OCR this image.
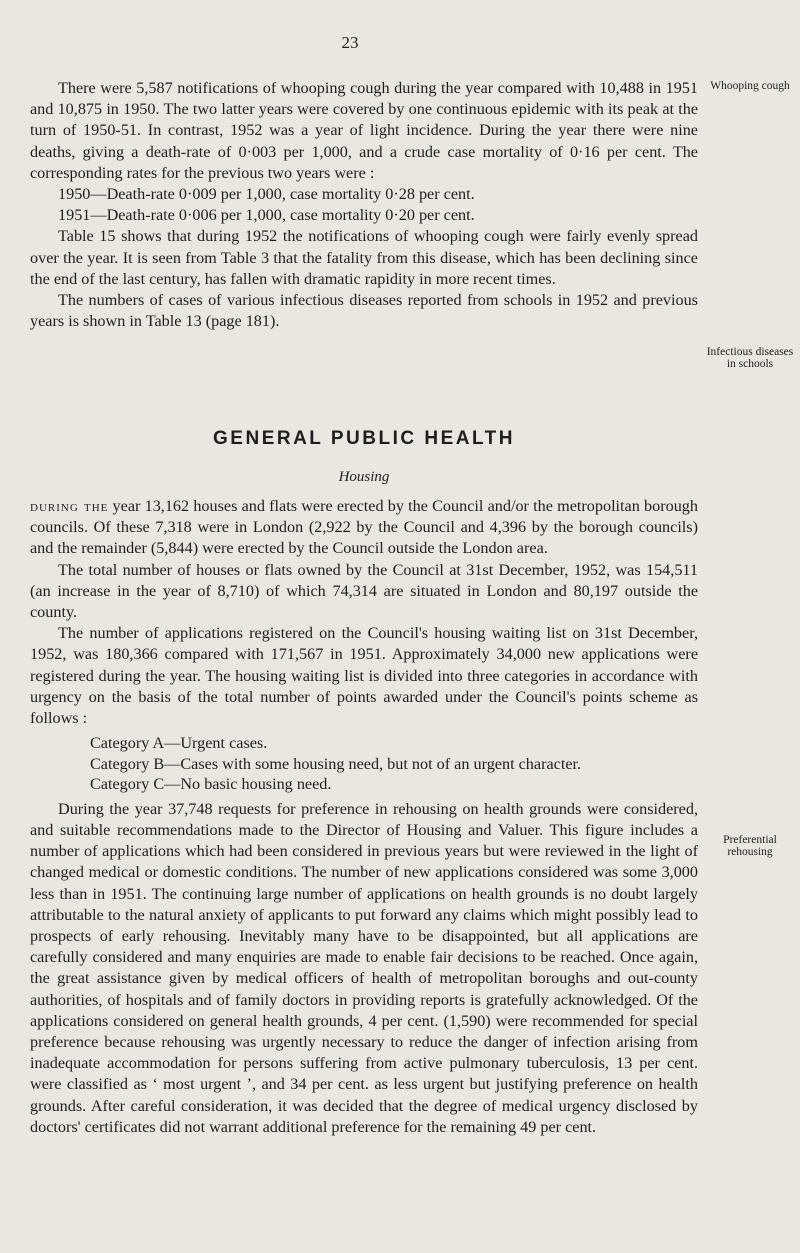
23

There were 5,587 notifications of whooping cough during the year compared with 10,488 in 1951 and 10,875 in 1950. The two latter years were covered by one continuous epidemic with its peak at the turn of 1950-51. In contrast, 1952 was a year of light incidence. During the year there were nine deaths, giving a death-rate of 0·003 per 1,000, and a crude case mortality of 0·16 per cent. The corresponding rates for the previous two years were :

1950—Death-rate 0·009 per 1,000, case mortality 0·28 per cent.
1951—Death-rate 0·006 per 1,000, case mortality 0·20 per cent.

Table 15 shows that during 1952 the notifications of whooping cough were fairly evenly spread over the year. It is seen from Table 3 that the fatality from this disease, which has been declining since the end of the last century, has fallen with dramatic rapidity in more recent times.

The numbers of cases of various infectious diseases reported from schools in 1952 and previous years is shown in Table 13 (page 181).

Whooping cough
Infectious diseases in schools
GENERAL PUBLIC HEALTH
Housing

during the year 13,162 houses and flats were erected by the Council and/or the metropolitan borough councils. Of these 7,318 were in London (2,922 by the Council and 4,396 by the borough councils) and the remainder (5,844) were erected by the Council outside the London area.

The total number of houses or flats owned by the Council at 31st December, 1952, was 154,511 (an increase in the year of 8,710) of which 74,314 are situated in London and 80,197 outside the county.

The number of applications registered on the Council's housing waiting list on 31st December, 1952, was 180,366 compared with 171,567 in 1951. Approximately 34,000 new applications were registered during the year. The housing waiting list is divided into three categories in accordance with urgency on the basis of the total number of points awarded under the Council's points scheme as follows :

Category A—Urgent cases.
Category B—Cases with some housing need, but not of an urgent character.
Category C—No basic housing need.

During the year 37,748 requests for preference in rehousing on health grounds were considered, and suitable recommendations made to the Director of Housing and Valuer. This figure includes a number of applications which had been considered in previous years but were reviewed in the light of changed medical or domestic conditions. The number of new applications considered was some 3,000 less than in 1951. The continuing large number of applications on health grounds is no doubt largely attributable to the natural anxiety of applicants to put forward any claims which might possibly lead to prospects of early rehousing. Inevitably many have to be disappointed, but all applications are carefully considered and many enquiries are made to enable fair decisions to be reached. Once again, the great assistance given by medical officers of health of metropolitan boroughs and out-county authorities, of hospitals and of family doctors in providing reports is gratefully acknowledged. Of the applications considered on general health grounds, 4 per cent. (1,590) were recommended for special preference because rehousing was urgently necessary to reduce the danger of infection arising from inadequate accommodation for persons suffering from active pulmonary tuberculosis, 13 per cent. were classified as ‘ most urgent ’, and 34 per cent. as less urgent but justifying preference on health grounds. After careful consideration, it was decided that the degree of medical urgency disclosed by doctors' certificates did not warrant additional preference for the remaining 49 per cent.

Preferential rehousing
